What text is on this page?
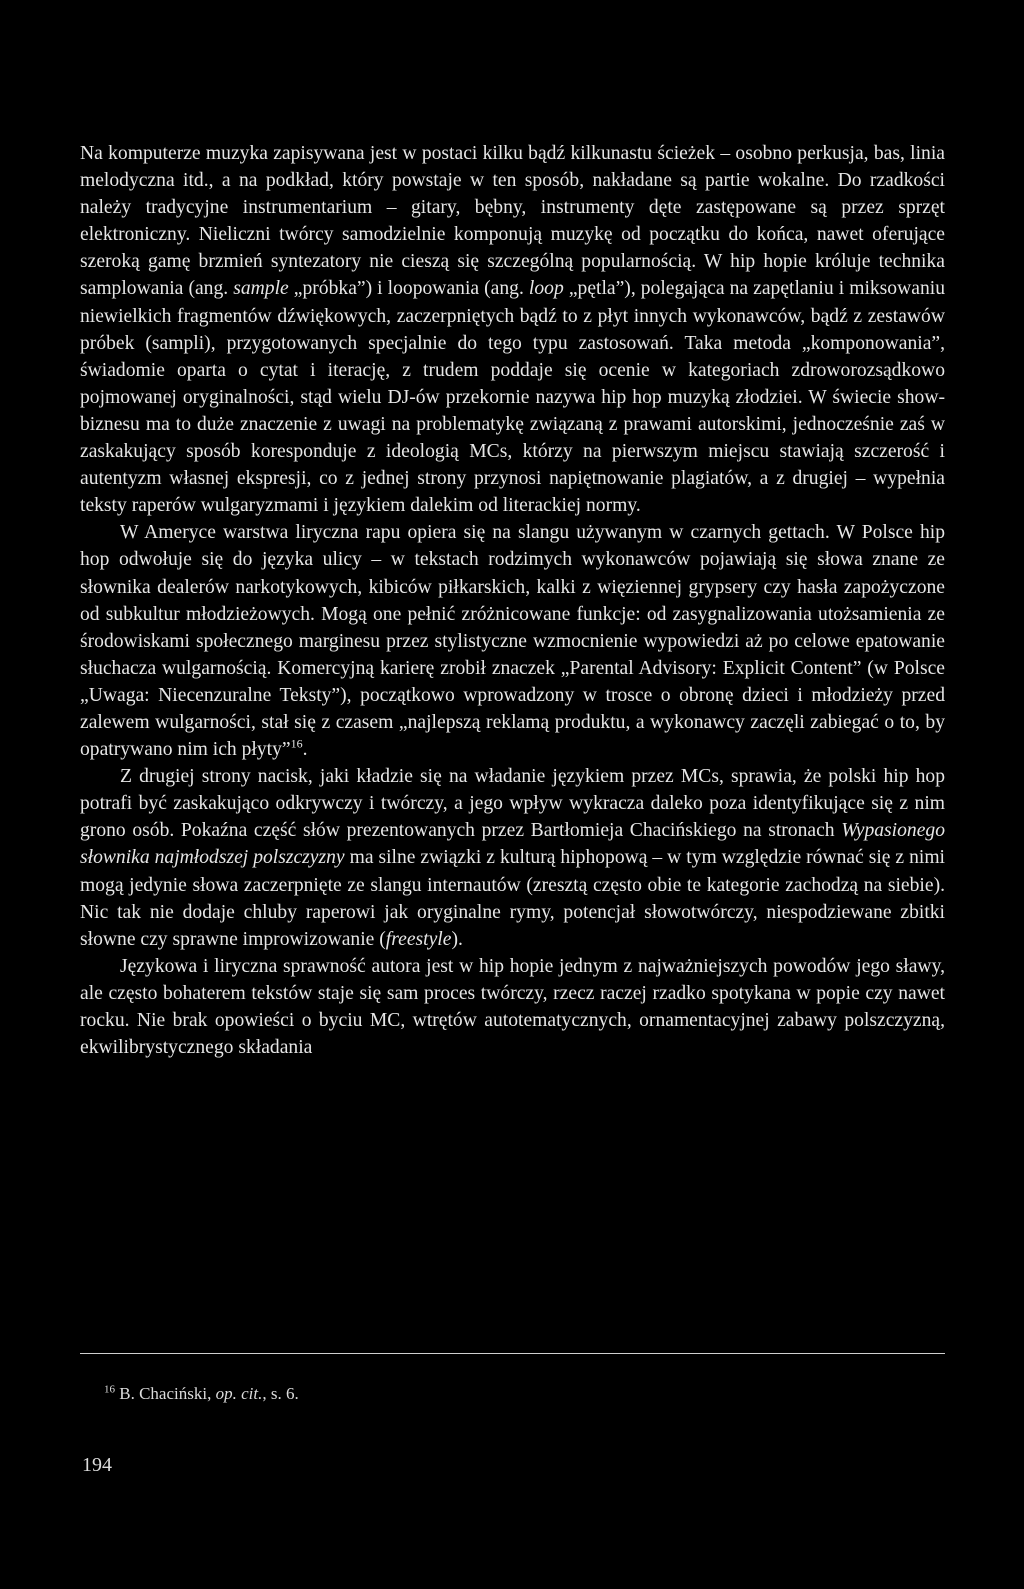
Na komputerze muzyka zapisywana jest w postaci kilku bądź kilkunastu ścieżek – osobno perkusja, bas, linia melodyczna itd., a na podkład, który powstaje w ten sposób, nakładane są partie wokalne. Do rzadkości należy tradycyjne instrumentarium – gitary, bębny, instrumenty dęte zastępowane są przez sprzęt elektroniczny. Nieliczni twórcy samodzielnie komponują muzykę od początku do końca, nawet oferujące szeroką gamę brzmień syntezatory nie cieszą się szczególną popularnością. W hip hopie króluje technika samplowania (ang. sample „próbka”) i loopowania (ang. loop „pętla”), polegająca na zapętlaniu i miksowaniu niewielkich fragmentów dźwiękowych, zaczerpniętych bądź to z płyt innych wykonawców, bądź z zestawów próbek (sampli), przygotowanych specjalnie do tego typu zastosowań. Taka metoda „komponowania”, świadomie oparta o cytat i iterację, z trudem poddaje się ocenie w kategoriach zdroworozsądkowo pojmowanej oryginalności, stąd wielu DJ-ów przekornie nazywa hip hop muzyką złodziei. W świecie show-biznesu ma to duże znaczenie z uwagi na problematykę związaną z prawami autorskimi, jednocześnie zaś w zaskakujący sposób koresponduje z ideologią MCs, którzy na pierwszym miejscu stawiają szczerość i autentyzm własnej ekspresji, co z jednej strony przynosi napiętnowanie plagiatów, a z drugiej – wypełnia teksty raperów wulgaryzmami i językiem dalekim od literackiej normy.

W Ameryce warstwa liryczna rapu opiera się na slangu używanym w czarnych gettach. W Polsce hip hop odwołuje się do języka ulicy – w tekstach rodzimych wykonawców pojawiają się słowa znane ze słownika dealerów narkotykowych, kibiców piłkarskich, kalki z więziennej grypsery czy hasła zapożyczone od subkultur młodzieżowych. Mogą one pełnić zróżnicowane funkcje: od zasygnalizowania utożsamienia ze środowiskami społecznego marginesu przez stylistyczne wzmocnienie wypowiedzi aż po celowe epatowanie słuchacza wulgarnością. Komercyjną karierę zrobił znaczek „Parental Advisory: Explicit Content” (w Polsce „Uwaga: Niecenzuralne Teksty”), początkowo wprowadzony w trosce o obronę dzieci i młodzieży przed zalewem wulgarności, stał się z czasem „najlepszą reklamą produktu, a wykonawcy zaczęli zabiegać o to, by opatrywano nim ich płyty”$^{16}$.

Z drugiej strony nacisk, jaki kładzie się na władanie językiem przez MCs, sprawia, że polski hip hop potrafi być zaskakująco odkrywczy i twórczy, a jego wpływ wykracza daleko poza identyfikujące się z nim grono osób. Pokaźna część słów prezentowanych przez Bartłomieja Chacińskiego na stronach Wypasionego słownika najmłodszej polszczyzny ma silne związki z kulturą hiphopową – w tym względzie równać się z nimi mogą jedynie słowa zaczerpnięte ze slangu internautów (zresztą często obie te kategorie zachodzą na siebie). Nic tak nie dodaje chluby raperowi jak oryginalne rymy, potencjał słowotwórczy, niespodziewane zbitki słowne czy sprawne improwizowanie (freestyle).

Językowa i liryczna sprawność autora jest w hip hopie jednym z najważniejszych powodów jego sławy, ale często bohaterem tekstów staje się sam proces twórczy, rzecz raczej rzadko spotykana w popie czy nawet rocku. Nie brak opowieści o byciu MC, wtrętów autotematycznych, ornamentacyjnej zabawy polszczyzną, ekwilibrystycznego składania

$^{16}$ B. Chaciński, op. cit., s. 6.
194
